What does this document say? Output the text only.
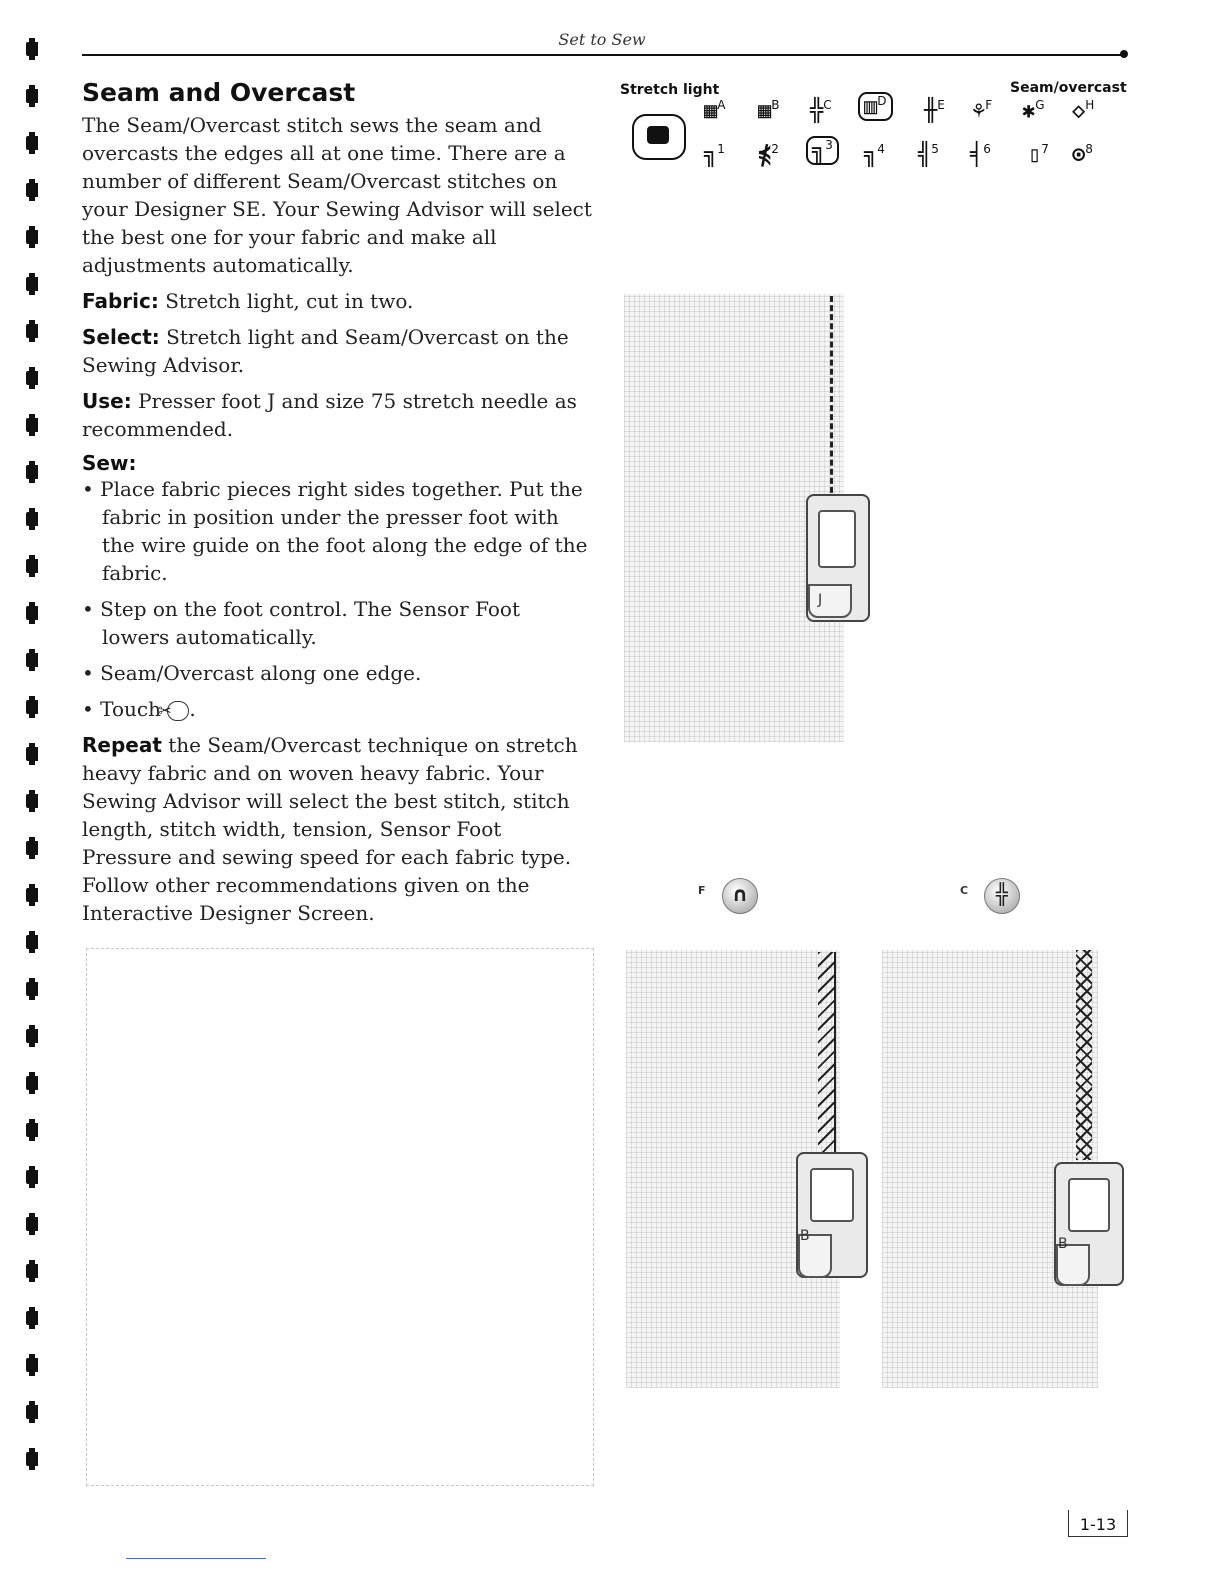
Set to Sew
Seam and Overcast

The Seam/Overcast stitch sews the seam and overcasts the edges all at one time. There are a number of different Seam/Overcast stitches on your Designer SE. Your Sewing Advisor will select the best one for your fabric and make all adjustments automatically.

Fabric: Stretch light, cut in two.

Select: Stretch light and Seam/Overcast on the Sewing Advisor.

Use: Presser foot J and size 75 stretch needle as recommended.

Sew:
• Place fabric pieces right sides together. Put the fabric in position under the presser foot with the wire guide on the foot along the edge of the fabric.
• Step on the foot control. The Sensor Foot lowers automatically.
• Seam/Overcast along one edge.
• Touch ✂ .

Repeat the Seam/Overcast technique on stretch heavy fabric and on woven heavy fabric. Your Sewing Advisor will select the best stitch, stitch length, stitch width, tension, Sensor Foot Pressure and sewing speed for each fabric type. Follow other recommendations given on the Interactive Designer Screen.

Stretch light	Seam/overcast
▦$^A$ ▦$^B$ ╬$^C$ ▥$^D$ ╫$^E$ ⚘$^F$ ✱$^G$ ◇$^H$
╗$^1$ ⋠$^2$ ╗$^3$ ╗$^4$ ╣$^5$ ╡$^6$ ▯$^7$ ⊙$^8$
J
∩
F	╬
C
B	B
1-13
